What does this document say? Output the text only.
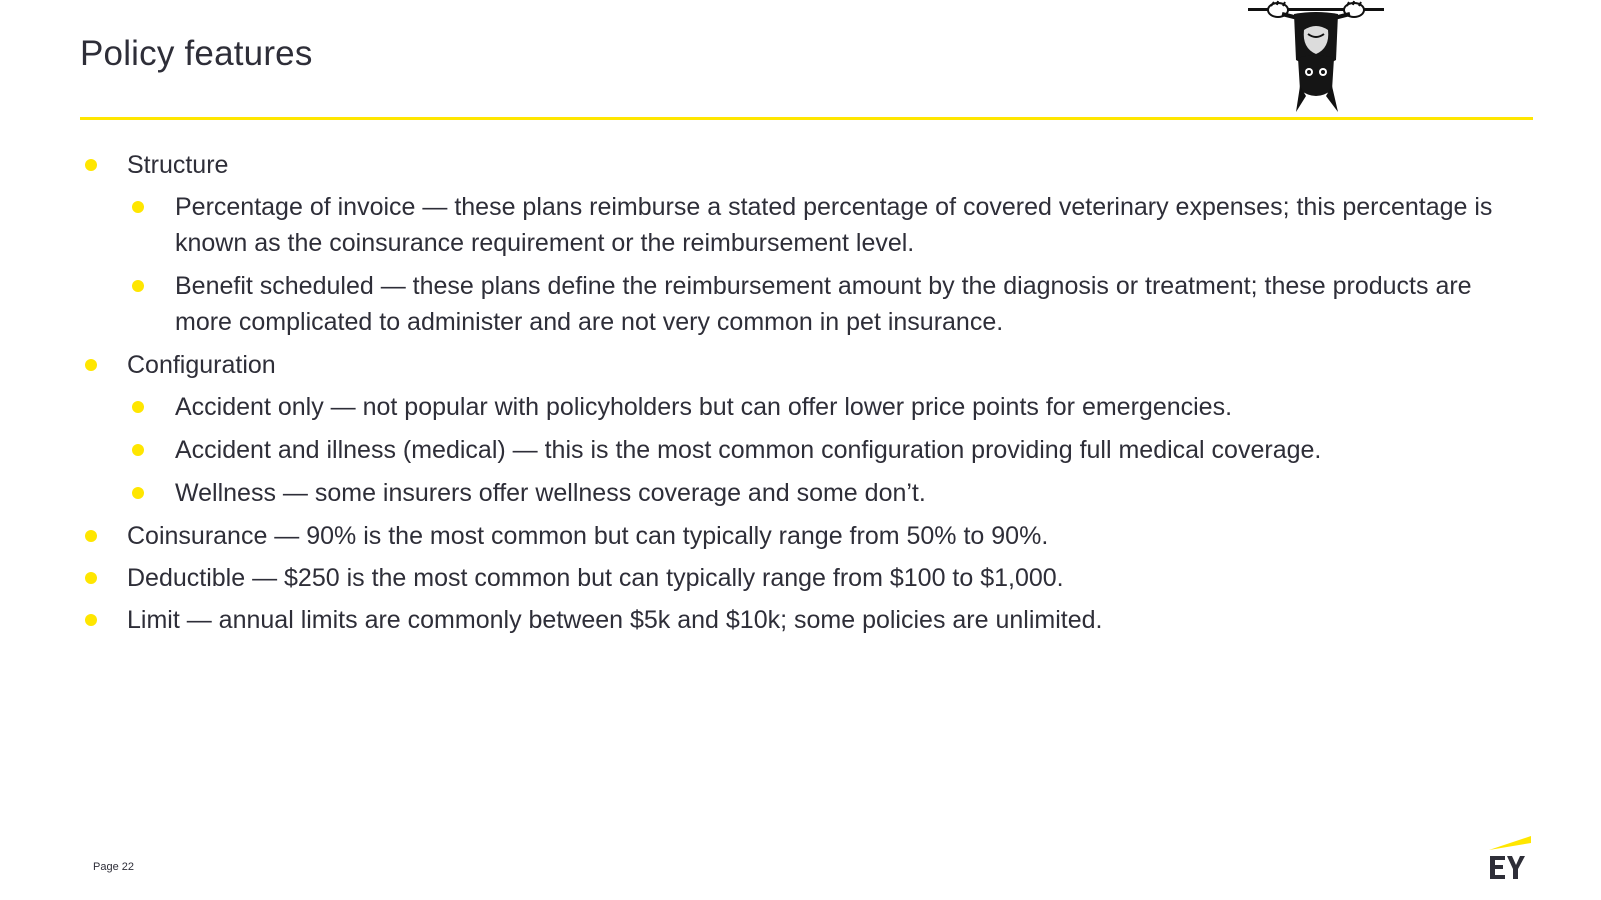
Policy features
Structure
Percentage of invoice — these plans reimburse a stated percentage of covered veterinary expenses; this percentage is known as the coinsurance requirement or the reimbursement level.
Benefit scheduled — these plans define the reimbursement amount by the diagnosis or treatment; these products are more complicated to administer and are not very common in pet insurance.
Configuration
Accident only — not popular with policyholders but can offer lower price points for emergencies.
Accident and illness (medical) — this is the most common configuration providing full medical coverage.
Wellness — some insurers offer wellness coverage and some don’t.
Coinsurance — 90% is the most common but can typically range from 50% to 90%.
Deductible — $250 is the most common but can typically range from $100 to $1,000.
Limit — annual limits are commonly between $5k and $10k; some policies are unlimited.
Page 22
